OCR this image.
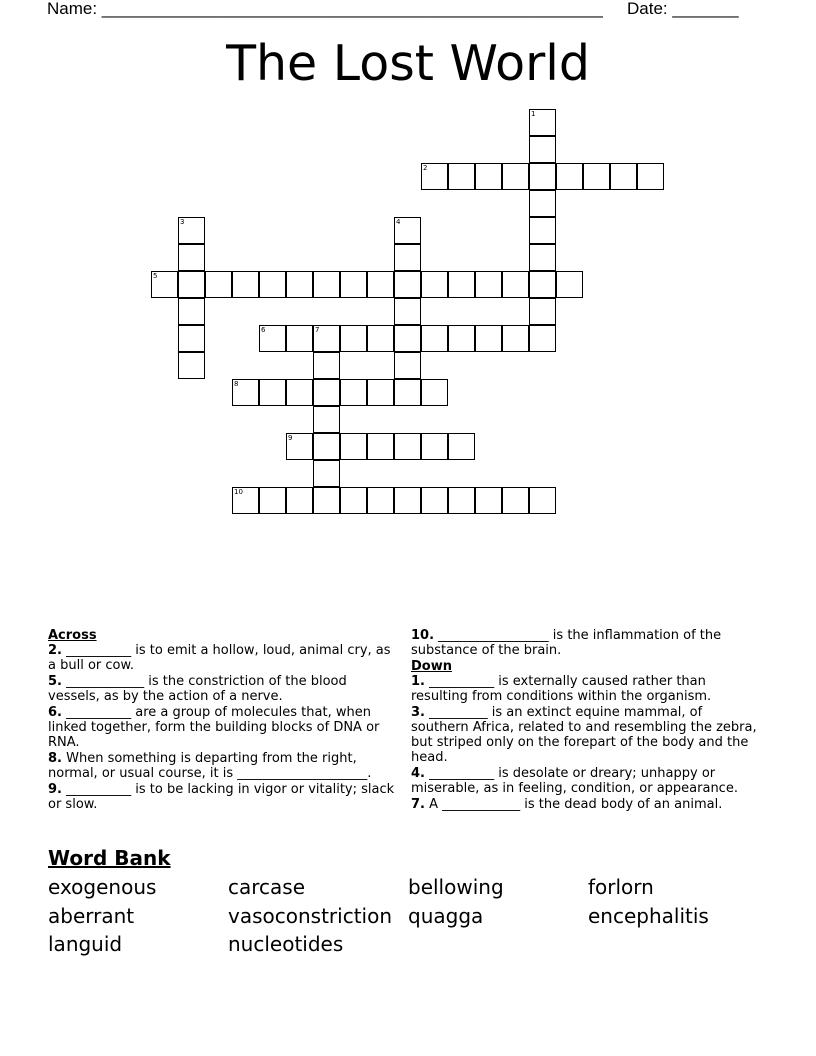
Name: _____________________________________________________ Date: _______
The Lost World
1
2
3	4
5
6	7
8
9
10
Across
2. __________ is to emit a hollow, loud, animal cry, as a bull or cow.
5. ____________ is the constriction of the blood vessels, as by the action of a nerve.
6. __________ are a group of molecules that, when linked together, form the building blocks of DNA or RNA.
8. When something is departing from the right, normal, or usual course, it is ____________________.
9. __________ is to be lacking in vigor or vitality; slack or slow.
10. _________________ is the inflammation of the substance of the brain.
Down
1. __________ is externally caused rather than resulting from conditions within the organism.
3. _________ is an extinct equine mammal, of southern Africa, related to and resembling the zebra, but striped only on the forepart of the body and the head.
4. __________ is desolate or dreary; unhappy or miserable, as in feeling, condition, or appearance.
7. A ____________ is the dead body of an animal.
Word Bank
exogenous	carcase	bellowing	forlorn
aberrant	vasoconstriction quagga	encephalitis
languid	nucleotides
